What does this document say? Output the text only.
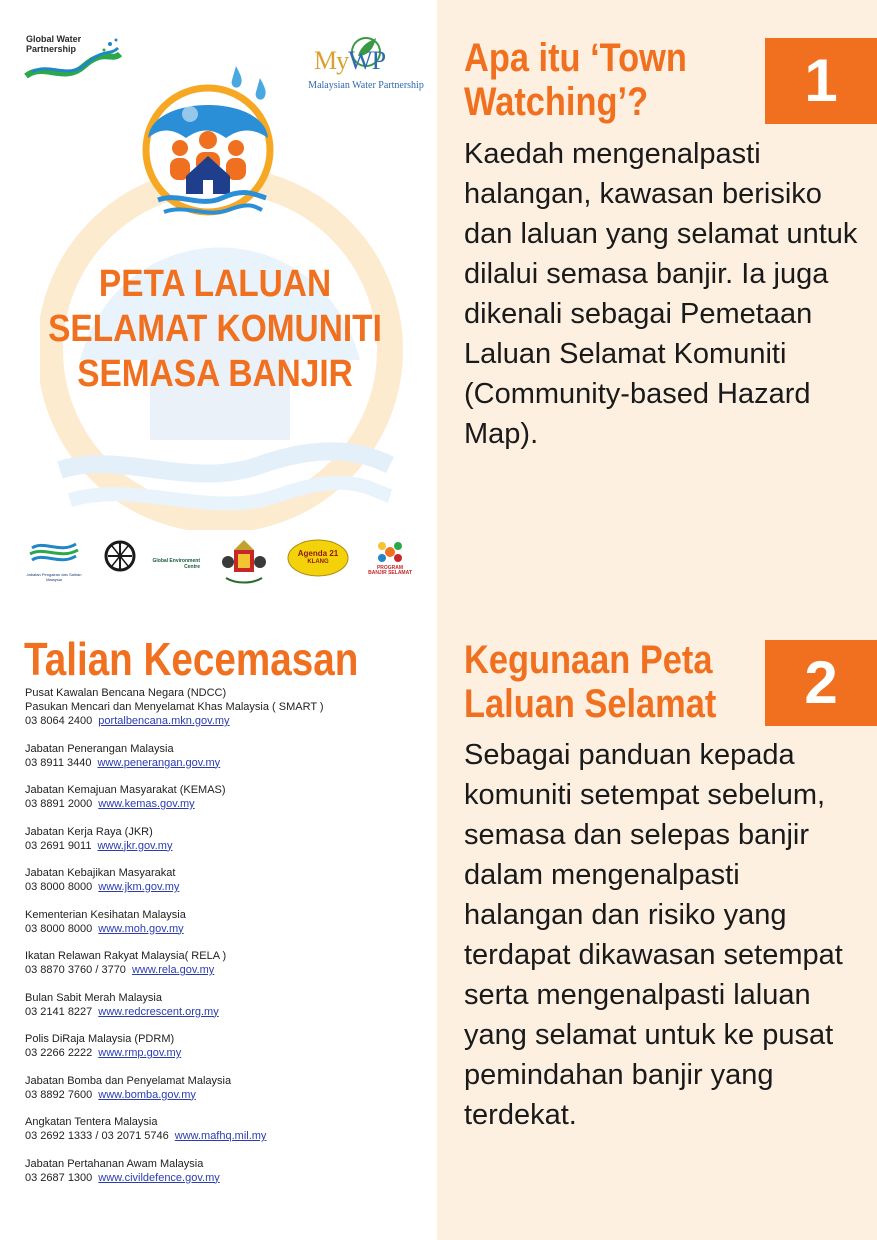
Global Water Partnership	MyWP
Malaysian Water Partnership
PETA LALUAN
SELAMAT KOMUNITI
SEMASA BANJIR
Jabatan Pengairan dan Saliran Malaysia
Global Environment
Centre
Agenda 21
KLANG
PROGRAM
BANJIR SELAMAT
Apa itu ‘Town
Watching’?	1
Kaedah mengenalpasti halangan, kawasan berisiko dan laluan yang selamat untuk dilalui semasa banjir. Ia juga dikenali sebagai Pemetaan Laluan Selamat Komuniti (Community-based Hazard Map).
Kegunaan Peta
Laluan Selamat	2
Sebagai panduan kepada komuniti setempat sebelum, semasa dan selepas banjir dalam mengenalpasti halangan dan risiko yang terdapat dikawasan setempat serta mengenalpasti laluan yang selamat untuk ke pusat pemindahan banjir yang terdekat.
Talian Kecemasan
Pusat Kawalan Bencana Negara (NDCC)
Pasukan Mencari dan Menyelamat Khas Malaysia ( SMART )
03 8064 2400 portalbencana.mkn.gov.my
Jabatan Penerangan Malaysia
03 8911 3440 www.penerangan.gov.my
Jabatan Kemajuan Masyarakat (KEMAS)
03 8891 2000 www.kemas.gov.my
Jabatan Kerja Raya (JKR)
03 2691 9011 www.jkr.gov.my
Jabatan Kebajikan Masyarakat
03 8000 8000 www.jkm.gov.my
Kementerian Kesihatan Malaysia
03 8000 8000 www.moh.gov.my
Ikatan Relawan Rakyat Malaysia( RELA )
03 8870 3760 / 3770 www.rela.gov.my
Bulan Sabit Merah Malaysia
03 2141 8227 www.redcrescent.org.my
Polis DiRaja Malaysia (PDRM)
03 2266 2222 www.rmp.gov.my
Jabatan Bomba dan Penyelamat Malaysia
03 8892 7600 www.bomba.gov.my
Angkatan Tentera Malaysia
03 2692 1333 / 03 2071 5746 www.mafhq.mil.my
Jabatan Pertahanan Awam Malaysia
03 2687 1300 www.civildefence.gov.my
